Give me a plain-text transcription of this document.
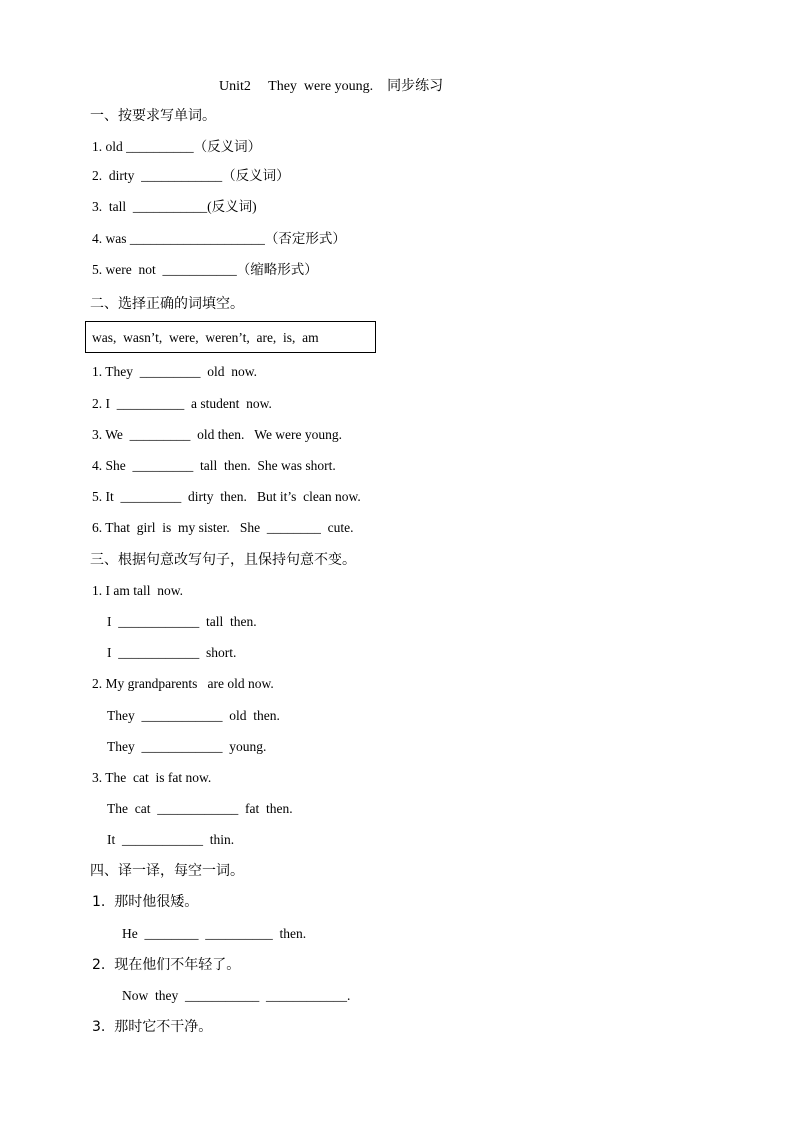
Unit2     They  were young.    同步练习
一、按要求写单词。
1. old __________（反义词）
2.  dirty  ____________（反义词）
3.  tall  ___________(反义词)
4. was ____________________（否定形式）
5. were  not  ___________（缩略形式）
二、选择正确的词填空。
was,  wasn’t,  were,  weren’t,  are,  is,  am
1. They  _________  old  now.
2. I  __________  a student  now.
3. We  _________  old then.   We were young.
4. She  _________  tall  then.  She was short.
5. It  _________  dirty  then.   But it’s  clean now.
6. That  girl  is  my sister.   She  ________  cute.
三、根据句意改写句子，且保持句意不变。
1. I am tall  now.
I  ____________  tall  then.
I  ____________  short.
2. My grandparents   are old now.
They  ____________  old  then.
They  ____________  young.
3. The  cat  is fat now.
The  cat  ____________  fat  then.
It  ____________  thin.
四、译一译，每空一词。
1.  那时他很矮。
He  ________  __________  then.
2.  现在他们不年轻了。
Now  they  ___________  ____________.
3.  那时它不干净。
